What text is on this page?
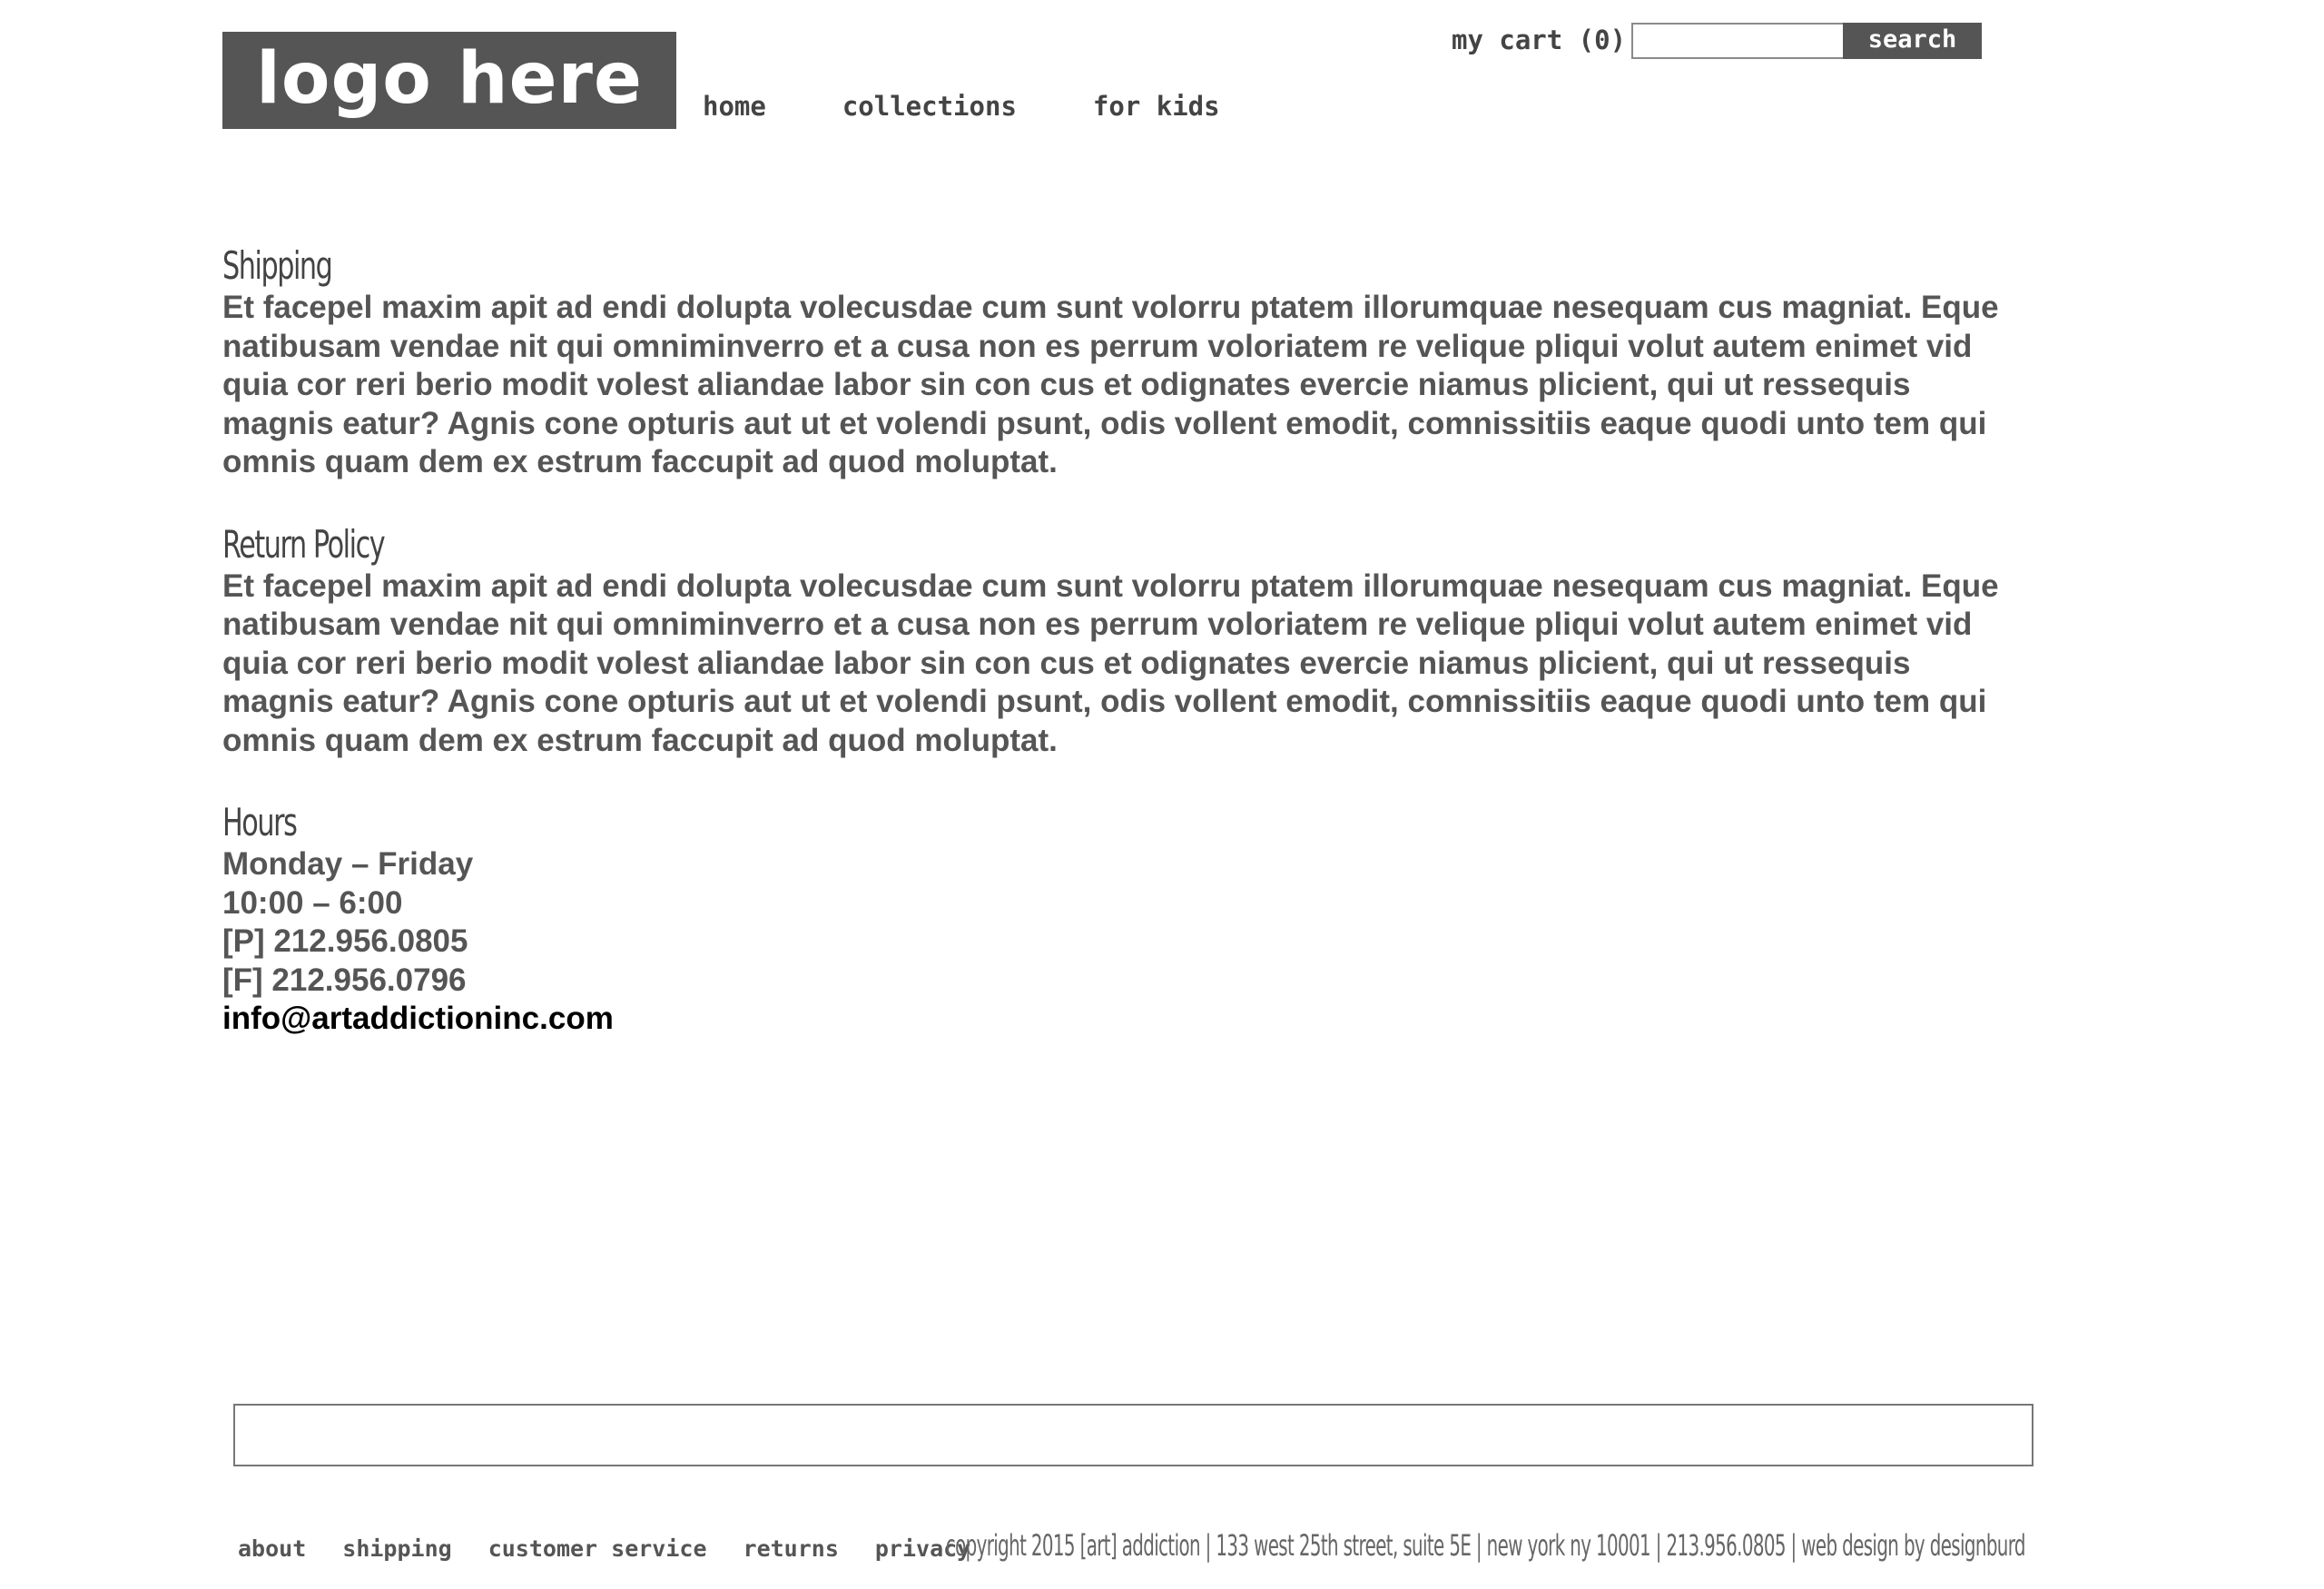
logo here	home	collections	for kids
my cart (0)	search
Shipping

Et facepel maxim apit ad endi dolupta volecusdae cum sunt volorru ptatem illorumquae nesequam cus magniat. Eque natibusam vendae nit qui omniminverro et a cusa non es perrum voloriatem re velique pliqui volut autem enimet vid quia cor reri berio modit volest aliandae labor sin con cus et odignates evercie niamus plicient, qui ut ressequis magnis eatur? Agnis cone opturis aut ut et volendi psunt, odis vollent emodit, comnissitiis eaque quodi unto tem qui omnis quam dem ex estrum faccupit ad quod moluptat.

Return Policy

Et facepel maxim apit ad endi dolupta volecusdae cum sunt volorru ptatem illorumquae nesequam cus magniat. Eque natibusam vendae nit qui omniminverro et a cusa non es perrum voloriatem re velique pliqui volut autem enimet vid quia cor reri berio modit volest aliandae labor sin con cus et odignates evercie niamus plicient, qui ut ressequis magnis eatur? Agnis cone opturis aut ut et volendi psunt, odis vollent emodit, comnissitiis eaque quodi unto tem qui omnis quam dem ex estrum faccupit ad quod moluptat.

Hours
Monday – Friday
10:00 – 6:00
[P] 212.956.0805
[F] 212.956.0796
info@artaddictioninc.com
about shipping customer service returns privacy
copyright 2015 [art] addiction | 133 west 25th street, suite 5E | new york ny 10001 | 213.956.0805 | web design by designburd
